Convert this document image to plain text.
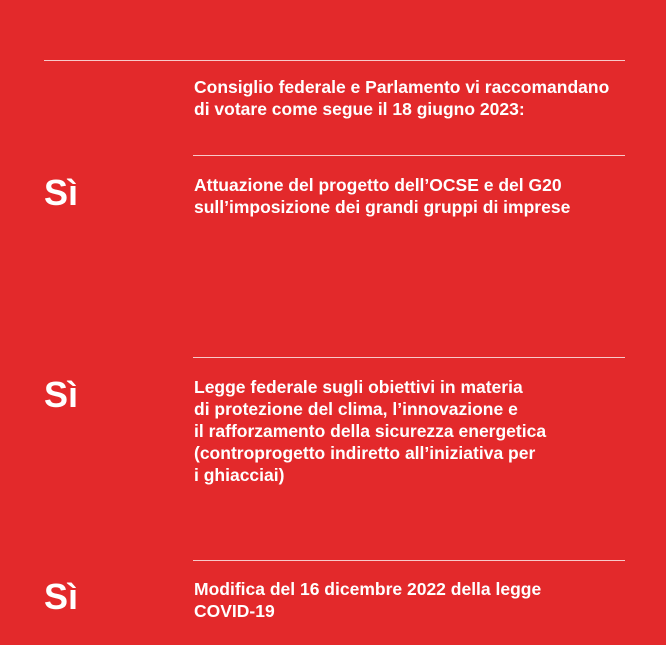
Consiglio federale e Parlamento vi raccomandano
di votare come segue il 18 giugno 2023:
Sì	Attuazione del progetto dell’OCSE e del G20
sull’imposizione dei grandi gruppi di imprese
Sì	Legge federale sugli obiettivi in materia
di protezione del clima, l’innovazione e
il rafforzamento della sicurezza energetica
(controprogetto indiretto all’iniziativa per
i ghiacciai)
Sì	Modifica del 16 dicembre 2022 della legge
COVID-19
